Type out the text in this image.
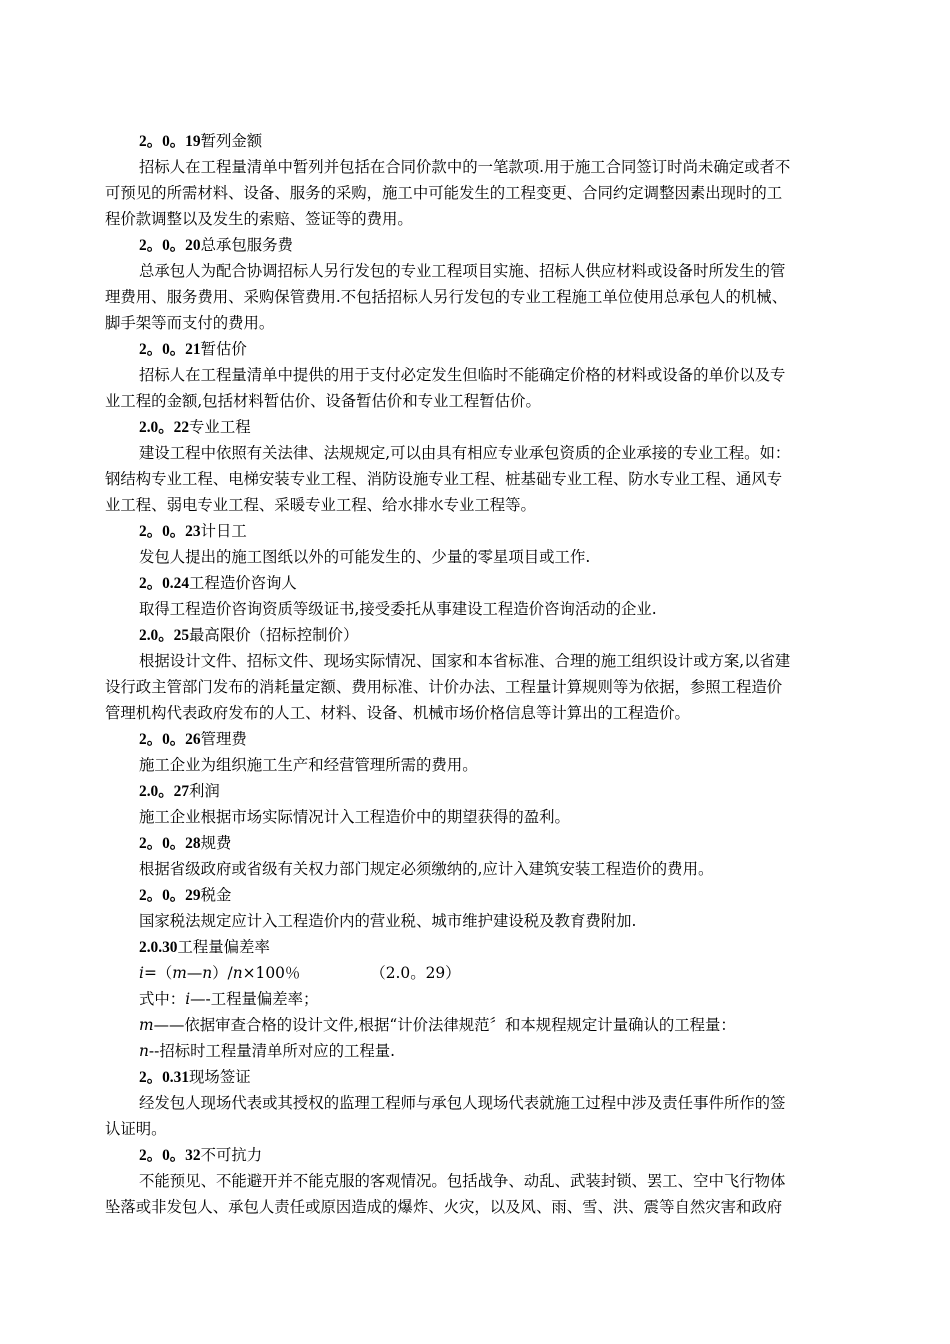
2。0。19暂列金额
招标人在工程量清单中暂列并包括在合同价款中的一笔款项.用于施工合同签订时尚未确定或者不
可预见的所需材料、设备、服务的采购，施工中可能发生的工程变更、合同约定调整因素出现时的工
程价款调整以及发生的索赔、签证等的费用。
2。0。20总承包服务费
总承包人为配合协调招标人另行发包的专业工程项目实施、招标人供应材料或设备时所发生的管
理费用、服务费用、采购保管费用.不包括招标人另行发包的专业工程施工单位使用总承包人的机械、
脚手架等而支付的费用。
2。0。21暂估价
招标人在工程量清单中提供的用于支付必定发生但临时不能确定价格的材料或设备的单价以及专
业工程的金额,包括材料暂估价、设备暂估价和专业工程暂估价。
2.0。22专业工程
建设工程中依照有关法律、法规规定,可以由具有相应专业承包资质的企业承接的专业工程。如：
钢结构专业工程、电梯安装专业工程、消防设施专业工程、桩基础专业工程、防水专业工程、通风专
业工程、弱电专业工程、采暖专业工程、给水排水专业工程等。
2。0。23计日工
发包人提出的施工图纸以外的可能发生的、少量的零星项目或工作.
2。0.24工程造价咨询人
取得工程造价咨询资质等级证书,接受委托从事建设工程造价咨询活动的企业.
2.0。25最高限价（招标控制价）
根据设计文件、招标文件、现场实际情况、国家和本省标准、合理的施工组织设计或方案,以省建
设行政主管部门发布的消耗量定额、费用标准、计价办法、工程量计算规则等为依据，参照工程造价
管理机构代表政府发布的人工、材料、设备、机械市场价格信息等计算出的工程造价。
2。0。26管理费
施工企业为组织施工生产和经营管理所需的费用。
2.0。27利润
施工企业根据市场实际情况计入工程造价中的期望获得的盈利。
2。0。28规费
根据省级政府或省级有关权力部门规定必须缴纳的,应计入建筑安装工程造价的费用。
2。0。29税金
国家税法规定应计入工程造价内的营业税、城市维护建设税及教育费附加.
2.0.30工程量偏差率
i=（m—n）/n×100％	（2.0。29）
式中：i—-工程量偏差率；
m——依据审查合格的设计文件,根据“计价法律规范〞和本规程规定计量确认的工程量：
n--招标时工程量清单所对应的工程量.
2。0.31现场签证
经发包人现场代表或其授权的监理工程师与承包人现场代表就施工过程中涉及责任事件所作的签
认证明。
2。0。32不可抗力
不能预见、不能避开并不能克服的客观情况。包括战争、动乱、武装封锁、罢工、空中飞行物体
坠落或非发包人、承包人责任或原因造成的爆炸、火灾，以及风、雨、雪、洪、震等自然灾害和政府
